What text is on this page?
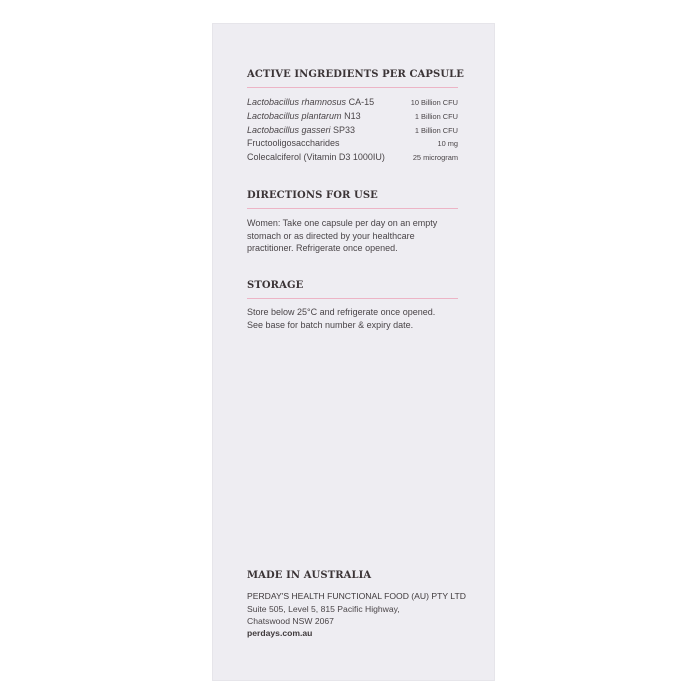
ACTIVE INGREDIENTS PER CAPSULE
Lactobacillus rhamnosus CA-15	10 Billion CFU
Lactobacillus plantarum N13	1 Billion CFU
Lactobacillus gasseri SP33	1 Billion CFU
Fructooligosaccharides	10 mg
Colecalciferol (Vitamin D3 1000IU)	25 microgram
DIRECTIONS FOR USE
Women: Take one capsule per day on an empty
stomach or as directed by your healthcare
practitioner. Refrigerate once opened.
STORAGE
Store below 25°C and refrigerate once opened.
See base for batch number & expiry date.
MADE IN AUSTRALIA
PERDAY'S HEALTH FUNCTIONAL FOOD (AU) PTY LTD
Suite 505, Level 5, 815 Pacific Highway,
Chatswood NSW 2067
perdays.com.au
